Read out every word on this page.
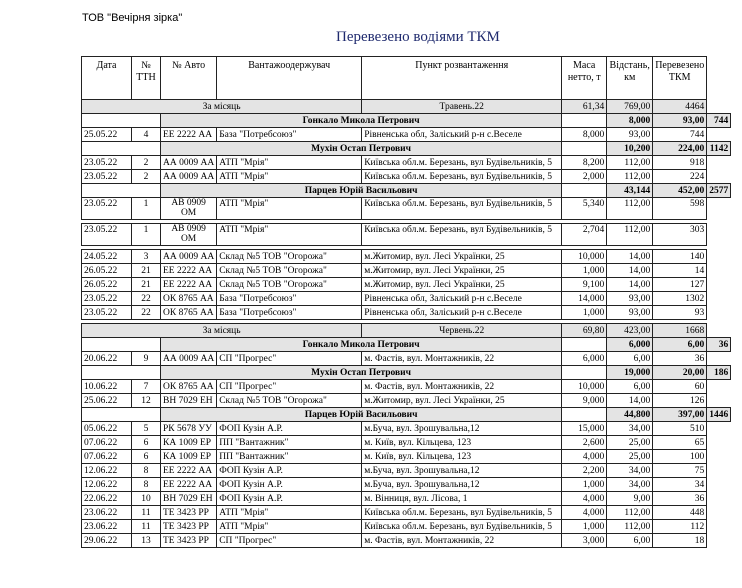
ТОВ "Вечірня зірка"
Перевезено водіями ТКМ
Дата	№ ТТН	№ Авто	Вантажоодержувач	Пункт розвантаження	Маса нетто, т	Відстань, км	Перевезено ТКМ	
За місяць				Травень.22	61,34	769,00	4464	
		Гонкало Микола Петрович				8,000	93,00	744
25.05.22	4	ЕЕ 2222 АА	База "Потребсоюз"	Рівненська обл, Заліський р-н с.Веселе	8,000	93,00	744	
		Мухін Остап Петрович				10,200	224,00	1142
23.05.22	2	АА 0009 АА	АТП "Мрія"	Київська обл.м. Березань, вул Будівельників, 5	8,200	112,00	918	
23.05.22	2	АА 0009 АА	АТП "Мрія"	Київська обл.м. Березань, вул Будівельників, 5	2,000	112,00	224	
		Парцев Юрій Васильович				43,144	452,00	2577
23.05.22	1	АВ 0909 ОМ	АТП "Мрія"	Київська обл.м. Березань, вул Будівельників, 5	5,340	112,00	598	

23.05.22	1	АВ 0909 ОМ	АТП "Мрія"	Київська обл.м. Березань, вул Будівельників, 5	2,704	112,00	303	

24.05.22	3	АА 0009 АА	Склад №5 ТОВ "Огорожа"	м.Житомир, вул. Лесі Українки, 25	10,000	14,00	140	
26.05.22	21	ЕЕ 2222 АА	Склад №5 ТОВ "Огорожа"	м.Житомир, вул. Лесі Українки, 25	1,000	14,00	14	
26.05.22	21	ЕЕ 2222 АА	Склад №5 ТОВ "Огорожа"	м.Житомир, вул. Лесі Українки, 25	9,100	14,00	127	
23.05.22	22	ОК 8765 АА	База "Потребсоюз"	Рівненська обл, Заліський р-н с.Веселе	14,000	93,00	1302	
23.05.22	22	ОК 8765 АА	База "Потребсоюз"	Рівненська обл, Заліський р-н с.Веселе	1,000	93,00	93	

За місяць				Червень.22	69,80	423,00	1668	
		Гонкало Микола Петрович				6,000	6,00	36
20.06.22	9	АА 0009 АА	СП "Прогрес"	м. Фастів, вул. Монтажників, 22	6,000	6,00	36	
		Мухін Остап Петрович				19,000	20,00	186
10.06.22	7	ОК 8765 АА	СП "Прогрес"	м. Фастів, вул. Монтажників, 22	10,000	6,00	60	
25.06.22	12	ВН 7029 ЕН	Склад №5 ТОВ "Огорожа"	м.Житомир, вул. Лесі Українки, 25	9,000	14,00	126	
		Парцев Юрій Васильович				44,800	397,00	1446
05.06.22	5	РК 5678 УУ	ФОП Кузін А.Р.	м.Буча, вул. Зрошувальна,12	15,000	34,00	510	
07.06.22	6	КА 1009 ЕР	ПП "Вантажник"	м. Київ, вул. Кільцева, 123	2,600	25,00	65	
07.06.22	6	КА 1009 ЕР	ПП "Вантажник"	м. Київ, вул. Кільцева, 123	4,000	25,00	100	
12.06.22	8	ЕЕ 2222 АА	ФОП Кузін А.Р.	м.Буча, вул. Зрошувальна,12	2,200	34,00	75	
12.06.22	8	ЕЕ 2222 АА	ФОП Кузін А.Р.	м.Буча, вул. Зрошувальна,12	1,000	34,00	34	
22.06.22	10	ВН 7029 ЕН	ФОП Кузін А.Р.	м. Вінниця, вул. Лісова, 1	4,000	9,00	36	
23.06.22	11	ТЕ 3423 РР	АТП "Мрія"	Київська обл.м. Березань, вул Будівельників, 5	4,000	112,00	448	
23.06.22	11	ТЕ 3423 РР	АТП "Мрія"	Київська обл.м. Березань, вул Будівельників, 5	1,000	112,00	112	
29.06.22	13	ТЕ 3423 РР	СП "Прогрес"	м. Фастів, вул. Монтажників, 22	3,000	6,00	18	
